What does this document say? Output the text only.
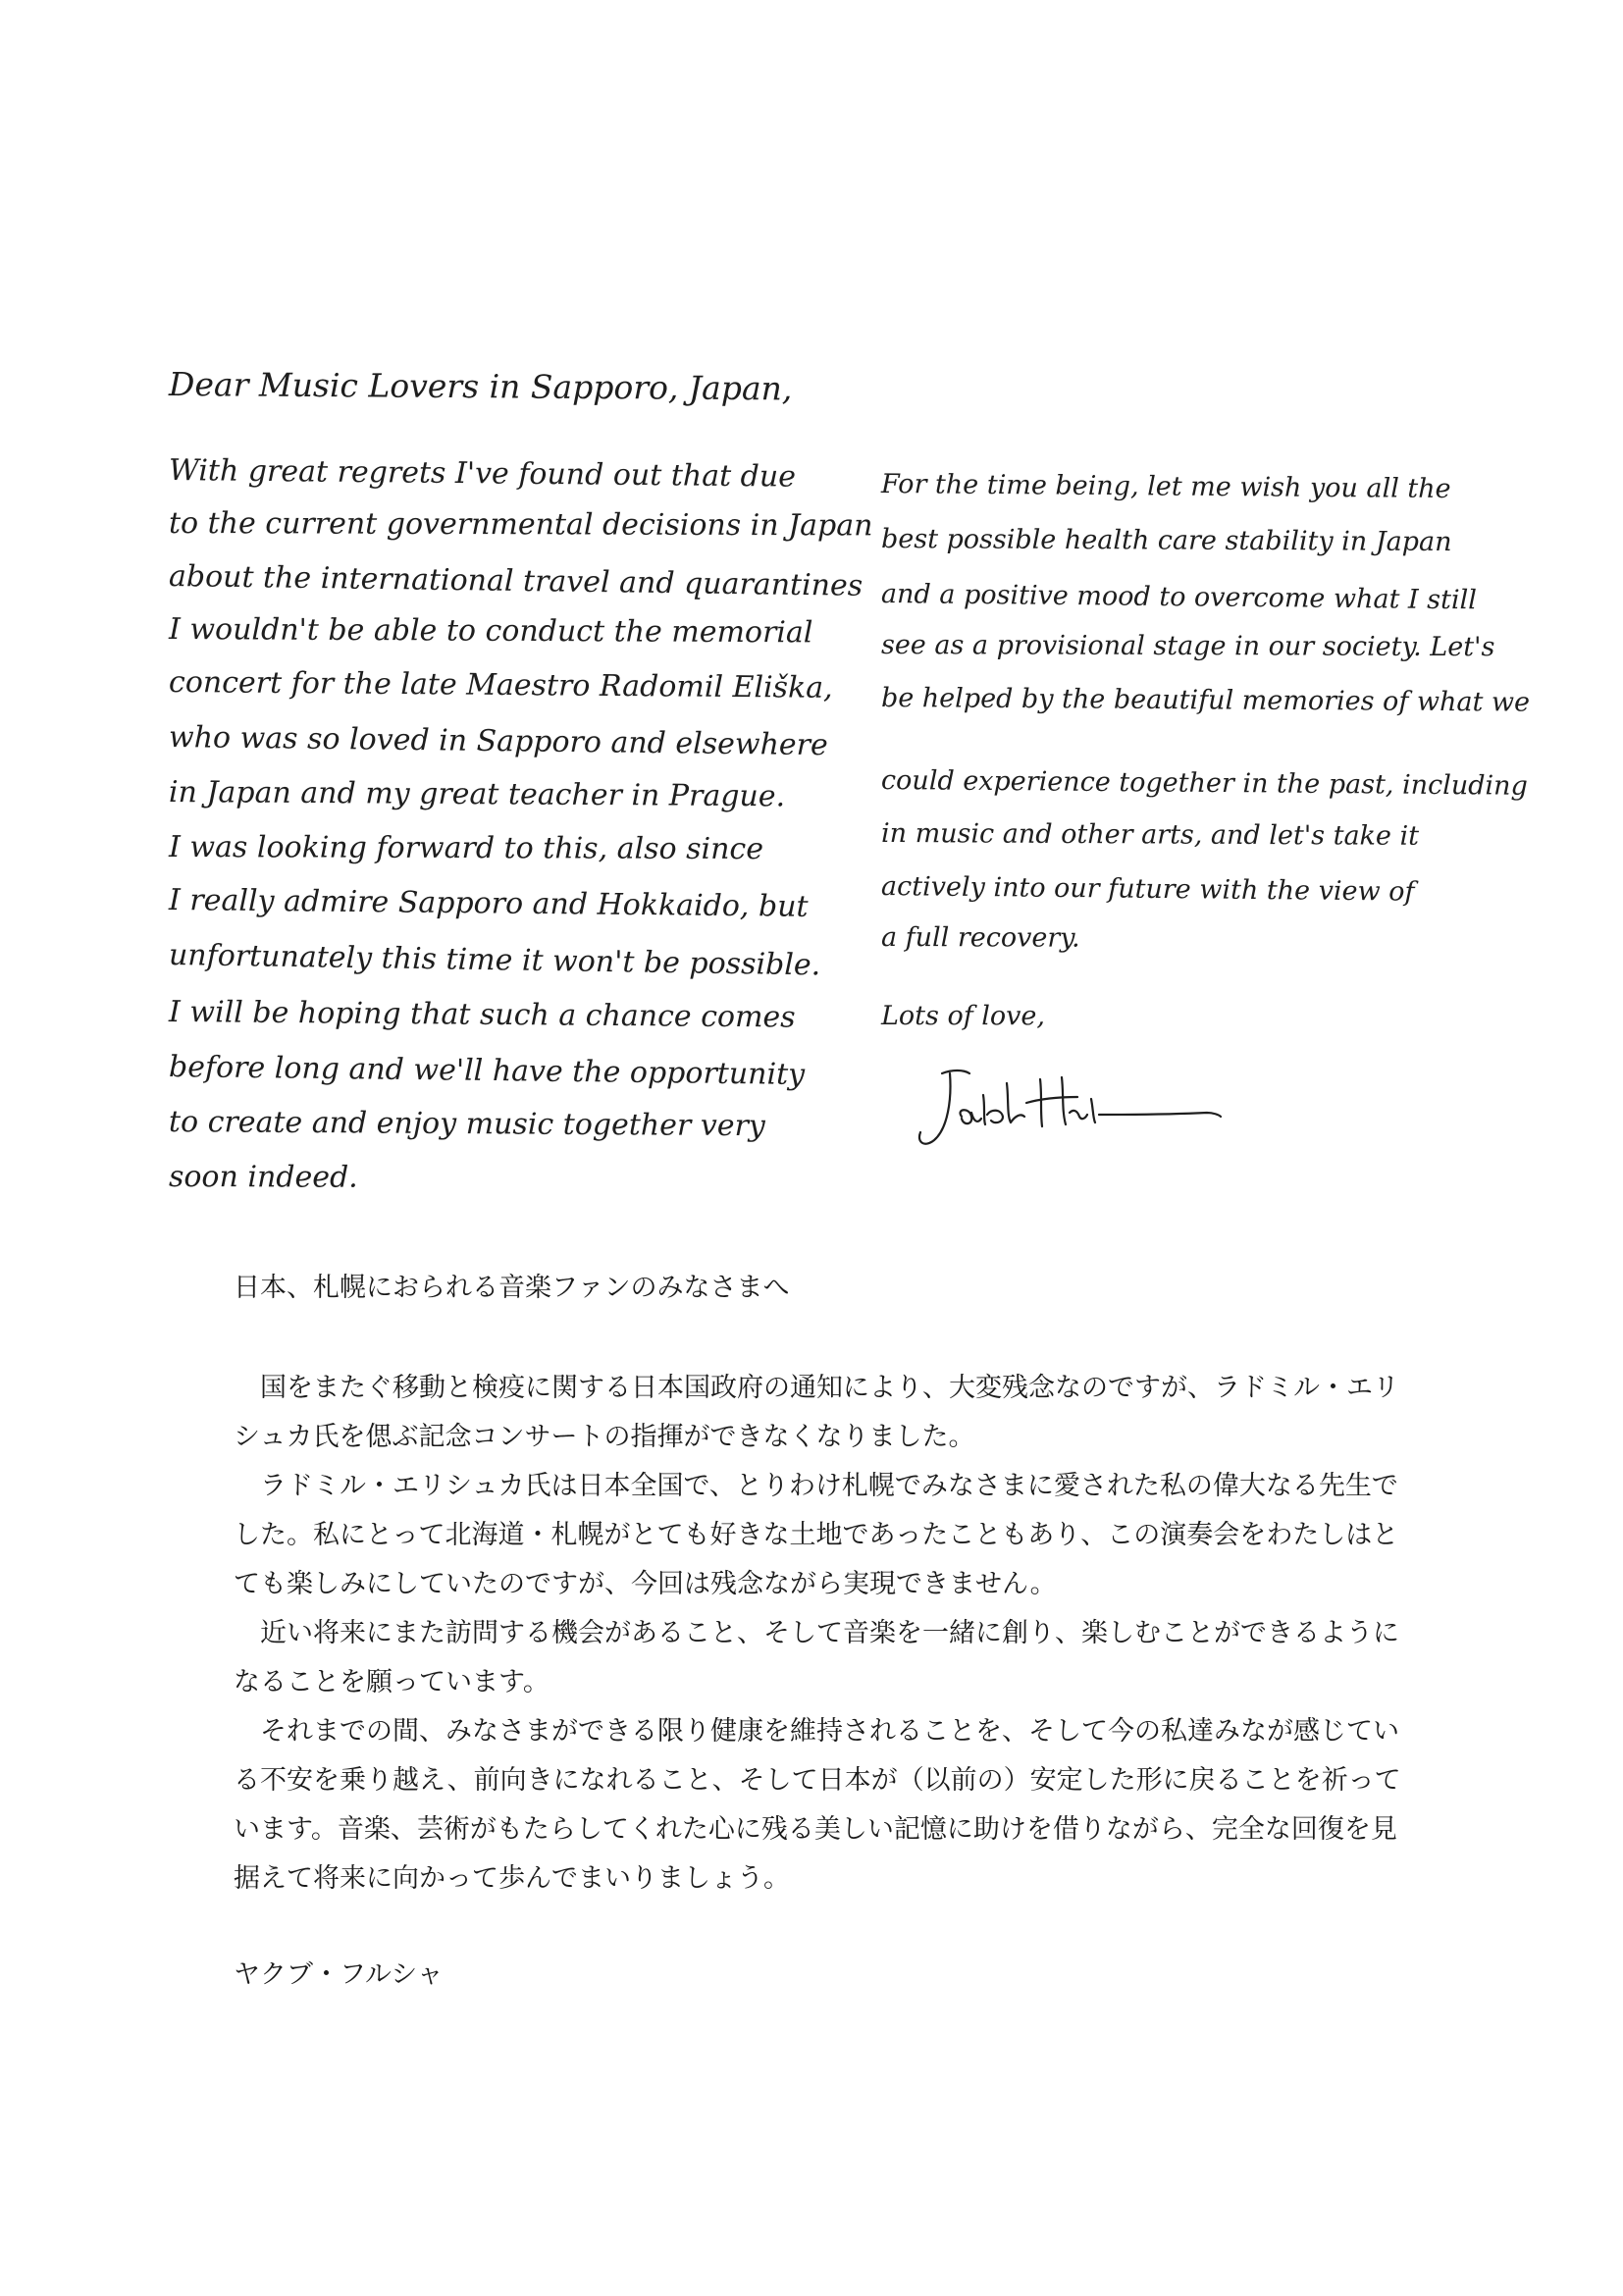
Dear Music Lovers in Sapporo, Japan,
With great regrets I've found out that due
to the current governmental decisions in Japan
about the international travel and quarantines
I wouldn't be able to conduct the memorial
concert for the late Maestro Radomil Eliška,
who was so loved in Sapporo and elsewhere
in Japan and my great teacher in Prague.
I was looking forward to this, also since
I really admire Sapporo and Hokkaido, but
unfortunately this time it won't be possible.
I will be hoping that such a chance comes
before long and we'll have the opportunity
to create and enjoy music together very
soon indeed.
For the time being, let me wish you all the
best possible health care stability in Japan
and a positive mood to overcome what I still
see as a provisional stage in our society. Let's
be helped by the beautiful memories of what we
could experience together in the past, including
in music and other arts, and let's take it
actively into our future with the view of
a full recovery.
Lots of love,
Jakub Hrůša
日本、札幌におられる音楽ファンのみなさまへ

国をまたぐ移動と検疫に関する日本国政府の通知により、大変残念なのですが、ラドミル・エリシュカ氏を偲ぶ記念コンサートの指揮ができなくなりました。

ラドミル・エリシュカ氏は日本全国で、とりわけ札幌でみなさまに愛された私の偉大なる先生でした。私にとって北海道・札幌がとても好きな土地であったこともあり、この演奏会をわたしはとても楽しみにしていたのですが、今回は残念ながら実現できません。

近い将来にまた訪問する機会があること、そして音楽を一緒に創り、楽しむことができるようになることを願っています。

それまでの間、みなさまができる限り健康を維持されることを、そして今の私達みなが感じている不安を乗り越え、前向きになれること、そして日本が（以前の）安定した形に戻ることを祈っています。音楽、芸術がもたらしてくれた心に残る美しい記憶に助けを借りながら、完全な回復を見据えて将来に向かって歩んでまいりましょう。

ヤクブ・フルシャ
